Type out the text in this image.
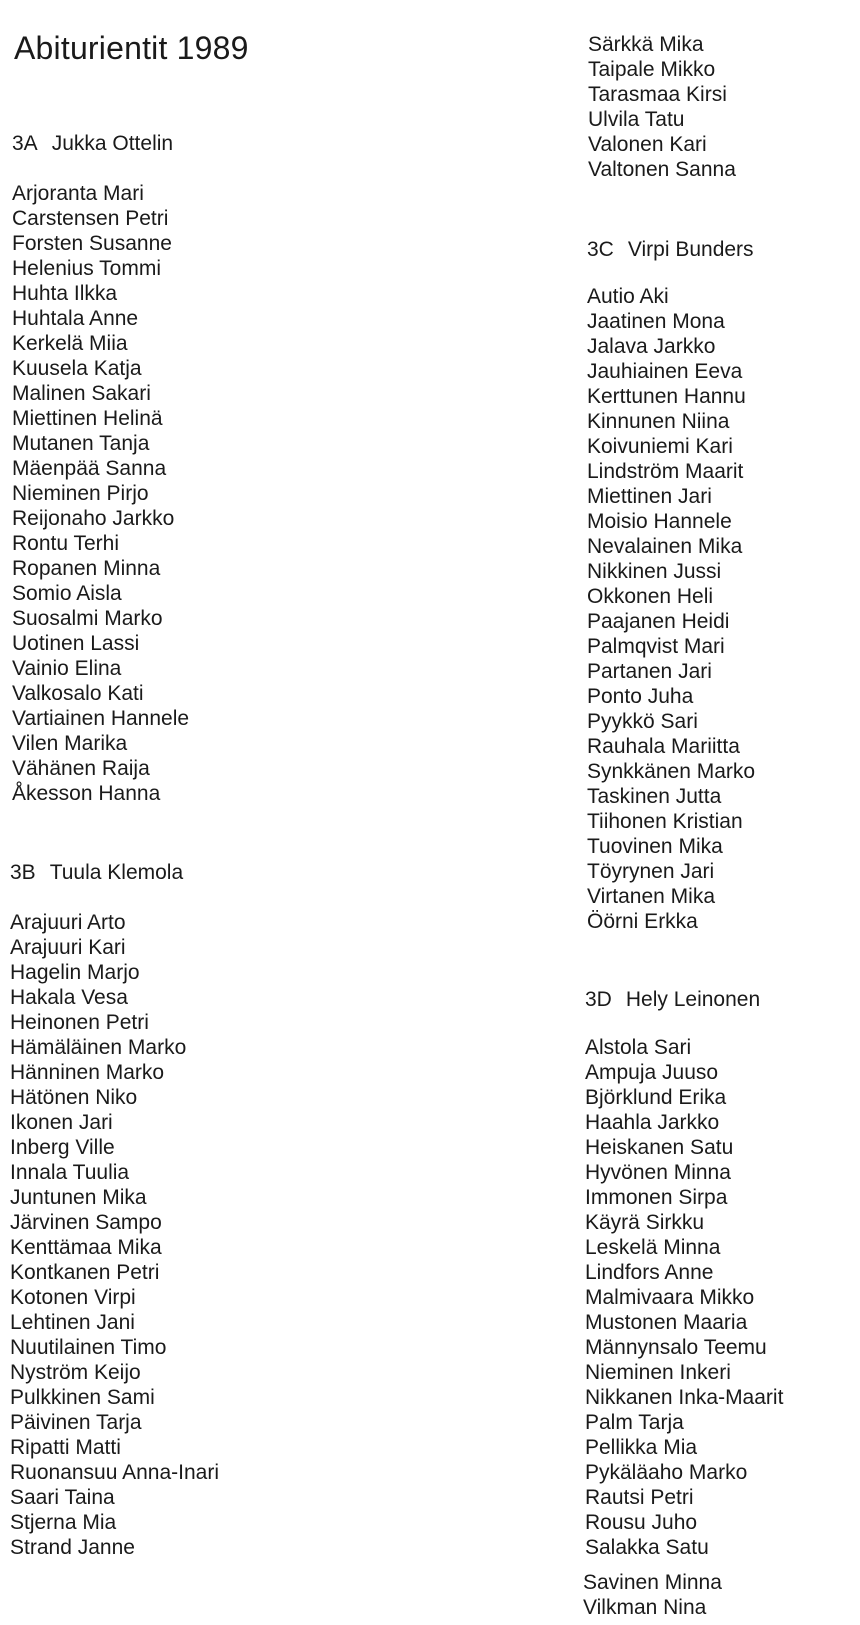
Abiturientit 1989
3A Jukka Ottelin
Arjoranta Mari
Carstensen Petri
Forsten Susanne
Helenius Tommi
Huhta Ilkka
Huhtala Anne
Kerkelä Miia
Kuusela Katja
Malinen Sakari
Miettinen Helinä
Mutanen Tanja
Mäenpää Sanna
Nieminen Pirjo
Reijonaho Jarkko
Rontu Terhi
Ropanen Minna
Somio Aisla
Suosalmi Marko
Uotinen Lassi
Vainio Elina
Valkosalo Kati
Vartiainen Hannele
Vilen Marika
Vähänen Raija
Åkesson Hanna
3B Tuula Klemola
Arajuuri Arto
Arajuuri Kari
Hagelin Marjo
Hakala Vesa
Heinonen Petri
Hämäläinen Marko
Hänninen Marko
Hätönen Niko
Ikonen Jari
Inberg Ville
Innala Tuulia
Juntunen Mika
Järvinen Sampo
Kenttämaa Mika
Kontkanen Petri
Kotonen Virpi
Lehtinen Jani
Nuutilainen Timo
Nyström Keijo
Pulkkinen Sami
Päivinen Tarja
Ripatti Matti
Ruonansuu Anna-Inari
Saari Taina
Stjerna Mia
Strand Janne
Särkkä Mika
Taipale Mikko
Tarasmaa Kirsi
Ulvila Tatu
Valonen Kari
Valtonen Sanna
3C Virpi Bunders
Autio Aki
Jaatinen Mona
Jalava Jarkko
Jauhiainen Eeva
Kerttunen Hannu
Kinnunen Niina
Koivuniemi Kari
Lindström Maarit
Miettinen Jari
Moisio Hannele
Nevalainen Mika
Nikkinen Jussi
Okkonen Heli
Paajanen Heidi
Palmqvist Mari
Partanen Jari
Ponto Juha
Pyykkö Sari
Rauhala Mariitta
Synkkänen Marko
Taskinen Jutta
Tiihonen Kristian
Tuovinen Mika
Töyrynen Jari
Virtanen Mika
Öörni Erkka
3D Hely Leinonen
Alstola Sari
Ampuja Juuso
Björklund Erika
Haahla Jarkko
Heiskanen Satu
Hyvönen Minna
Immonen Sirpa
Käyrä Sirkku
Leskelä Minna
Lindfors Anne
Malmivaara Mikko
Mustonen Maaria
Männynsalo Teemu
Nieminen Inkeri
Nikkanen Inka-Maarit
Palm Tarja
Pellikka Mia
Pykäläaho Marko
Rautsi Petri
Rousu Juho
Salakka Satu
Savinen Minna
Vilkman Nina
